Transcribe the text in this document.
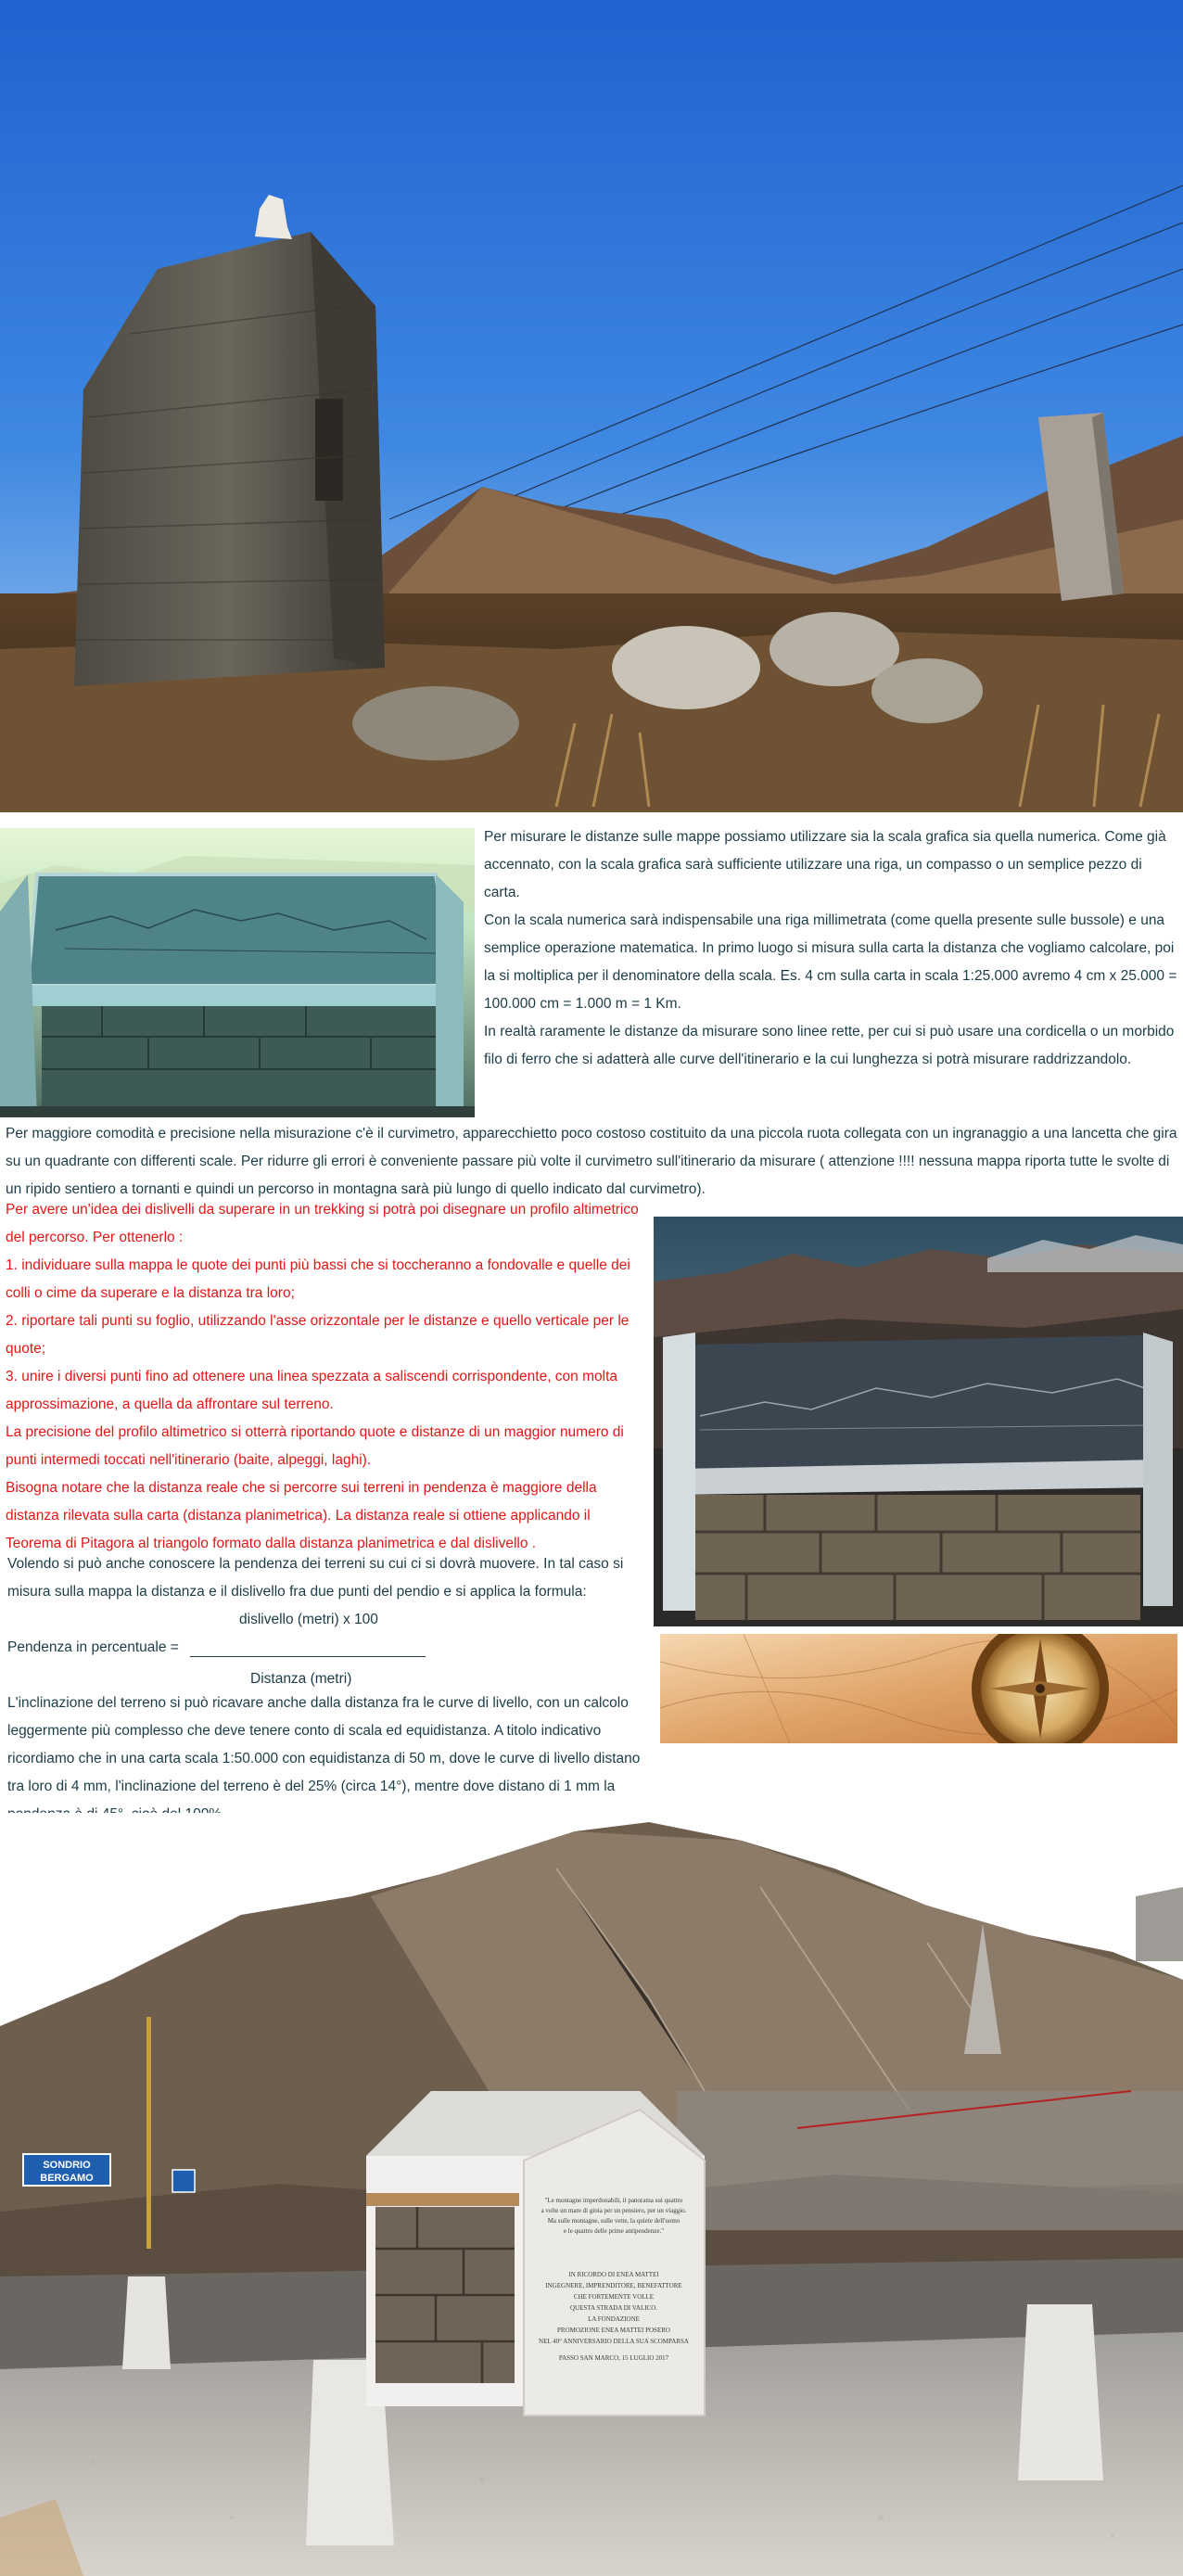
Per misurare le distanze sulle mappe possiamo utilizzare sia la scala grafica sia quella numerica. Come già accennato, con la scala grafica sarà sufficiente utilizzare una riga, un compasso o un semplice pezzo di carta.

Con la scala numerica sarà indispensabile una riga millimetrata (come quella presente sulle bussole) e una semplice operazione matematica. In primo luogo si misura sulla carta la distanza che vogliamo calcolare, poi la si moltiplica per il denominatore della scala. Es. 4 cm sulla carta in scala 1:25.000 avremo 4 cm x 25.000 = 100.000 cm = 1.000 m = 1 Km.

In realtà raramente le distanze da misurare sono linee rette, per cui si può usare una cordicella o un morbido filo di ferro che si adatterà alle curve dell'itinerario e la cui lunghezza si potrà misurare raddrizzandolo.

Per maggiore comodità e precisione nella misurazione c'è il curvimetro, apparecchietto poco costoso costituito da una piccola ruota collegata con un ingranaggio a una lancetta che gira su un quadrante con differenti scale. Per ridurre gli errori è conveniente passare più volte il curvimetro sull'itinerario da misurare ( attenzione !!!! nessuna mappa riporta tutte le svolte di un ripido sentiero a tornanti e quindi un percorso in montagna sarà più lungo di quello indicato dal curvimetro).

Per avere un'idea dei dislivelli da superare in un trekking si potrà poi disegnare un profilo altimetrico del percorso. Per ottenerlo :

1. individuare sulla mappa le quote dei punti più bassi che si toccheranno a fondovalle e quelle dei colli o cime da superare e la distanza tra loro;

2. riportare tali punti su foglio, utilizzando l'asse orizzontale per le distanze e quello verticale per le quote;

3. unire i diversi punti fino ad ottenere una linea spezzata a saliscendi corrispondente, con molta approssimazione, a quella da affrontare sul terreno.

La precisione del profilo altimetrico si otterrà riportando quote e distanze di un maggior numero di punti intermedi toccati nell'itinerario (baite, alpeggi, laghi).

Bisogna notare che la distanza reale che si percorre sui terreni in pendenza è maggiore della distanza rilevata sulla carta (distanza planimetrica). La distanza reale si ottiene applicando il Teorema di Pitagora al triangolo formato dalla distanza planimetrica e dal dislivello .

Volendo si può anche conoscere la pendenza dei terreni su cui ci si dovrà muovere. In tal caso si misura sulla mappa la distanza e il dislivello fra due punti del pendio e si applica la formula:

dislivello (metri) x 100
Pendenza in percentuale =
Distanza (metri)

L'inclinazione del terreno si può ricavare anche dalla distanza fra le curve di livello, con un calcolo leggermente più complesso che deve tenere conto di scala ed equidistanza. A titolo indicativo ricordiamo che in una carta scala 1:50.000 con equidistanza di 50 m, dove le curve di livello distano tra loro di 4 mm, l'inclinazione del terreno è del 25% (circa 14°), mentre dove distano di 1 mm la

SONDRIO
BERGAMO
"Le montagne imperdonabili, il panorama sui quattro
a volte un mare di gioia per un pensiero, per un viaggio.
Ma sulle montagne, sulle vette, la quiete dell'uomo
e le quattro delle prime antipendenze."
IN RICORDO DI ENEA MATTEI
INGEGNERE, IMPRENDITORE, BENEFATTORE
CHE FORTEMENTE VOLLE
QUESTA STRADA DI VALICO.
LA FONDAZIONE
PROMOZIONE ENEA MATTEI POSERO
NEL 40° ANNIVERSARIO DELLA SUA SCOMPARSA
PASSO SAN MARCO, 15 LUGLIO 2017
